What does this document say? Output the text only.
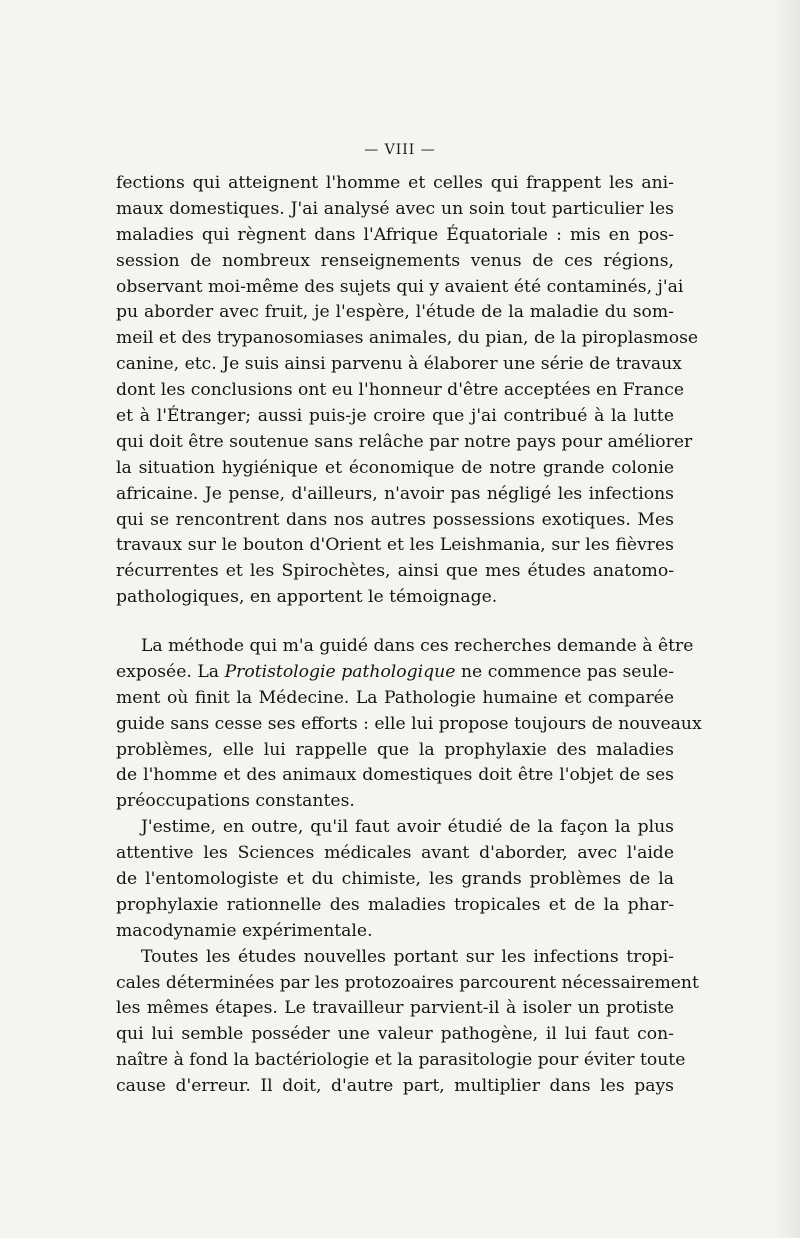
— VIII —

fections qui atteignent l'homme et celles qui frappent les ani-
maux domestiques. J'ai analysé avec un soin tout particulier les
maladies qui règnent dans l'Afrique Équatoriale : mis en pos-
session de nombreux renseignements venus de ces régions,
observant moi-même des sujets qui y avaient été contaminés, j'ai
pu aborder avec fruit, je l'espère, l'étude de la maladie du som-
meil et des trypanosomiases animales, du pian, de la piroplasmose
canine, etc. Je suis ainsi parvenu à élaborer une série de travaux
dont les conclusions ont eu l'honneur d'être acceptées en France
et à l'Étranger; aussi puis-je croire que j'ai contribué à la lutte
qui doit être soutenue sans relâche par notre pays pour améliorer
la situation hygiénique et économique de notre grande colonie
africaine. Je pense, d'ailleurs, n'avoir pas négligé les infections
qui se rencontrent dans nos autres possessions exotiques. Mes
travaux sur le bouton d'Orient et les Leishmania, sur les fièvres
récurrentes et les Spirochètes, ainsi que mes études anatomo-
pathologiques, en apportent le témoignage.

La méthode qui m'a guidé dans ces recherches demande à être
exposée. La Protistologie pathologique ne commence pas seule-
ment où finit la Médecine. La Pathologie humaine et comparée
guide sans cesse ses efforts : elle lui propose toujours de nouveaux
problèmes, elle lui rappelle que la prophylaxie des maladies
de l'homme et des animaux domestiques doit être l'objet de ses
préoccupations constantes.

J'estime, en outre, qu'il faut avoir étudié de la façon la plus
attentive les Sciences médicales avant d'aborder, avec l'aide
de l'entomologiste et du chimiste, les grands problèmes de la
prophylaxie rationnelle des maladies tropicales et de la phar-
macodynamie expérimentale.

Toutes les études nouvelles portant sur les infections tropi-
cales déterminées par les protozoaires parcourent nécessairement
les mêmes étapes. Le travailleur parvient-il à isoler un protiste
qui lui semble posséder une valeur pathogène, il lui faut con-
naître à fond la bactériologie et la parasitologie pour éviter toute
cause d'erreur. Il doit, d'autre part, multiplier dans les pays
